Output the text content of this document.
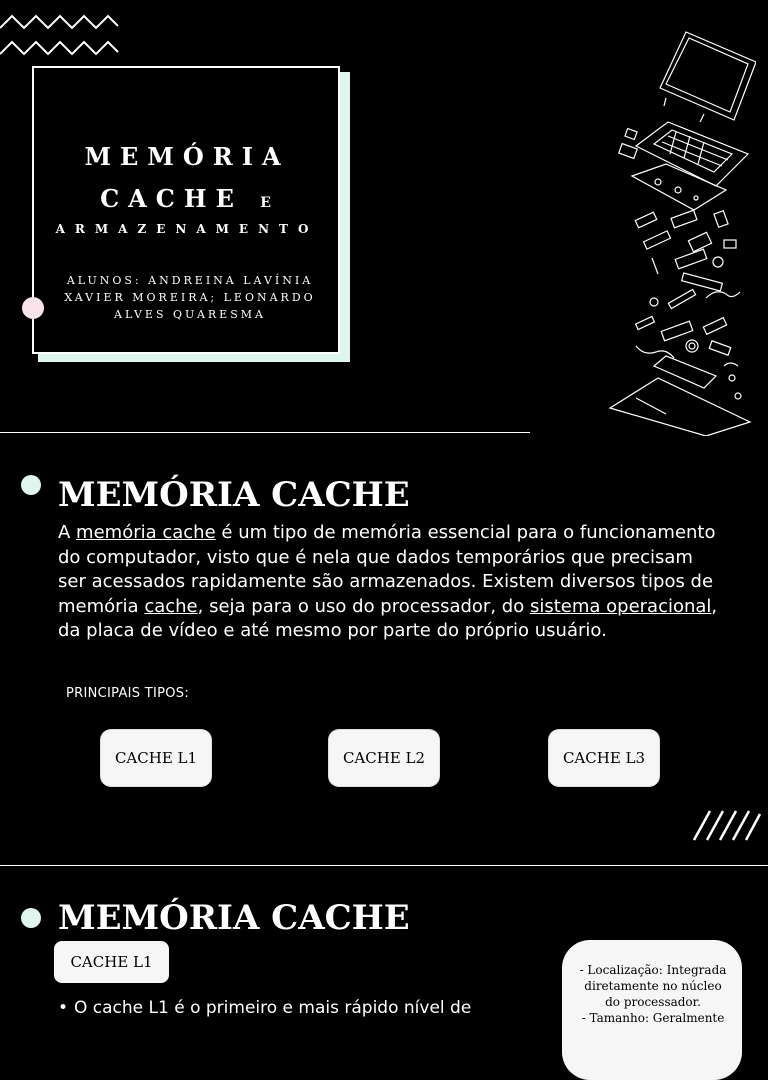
MEMÓRIA
CACHE E
ARMAZENAMENTO
ALUNOS: ANDREINA LAVÍNIA XAVIER MOREIRA; LEONARDO ALVES QUARESMA
MEMÓRIA CACHE
A memória cache é um tipo de memória essencial para o funcionamento do computador, visto que é nela que dados temporários que precisam ser acessados rapidamente são armazenados. Existem diversos tipos de memória cache, seja para o uso do processador, do sistema operacional, da placa de vídeo e até mesmo por parte do próprio usuário.
PRINCIPAIS TIPOS:
CACHE L1	CACHE L2	CACHE L3
MEMÓRIA CACHE
CACHE L1
• O cache L1 é o primeiro e mais rápido nível de
- Localização: Integrada diretamente no núcleo do processador.
- Tamanho: Geralmente
